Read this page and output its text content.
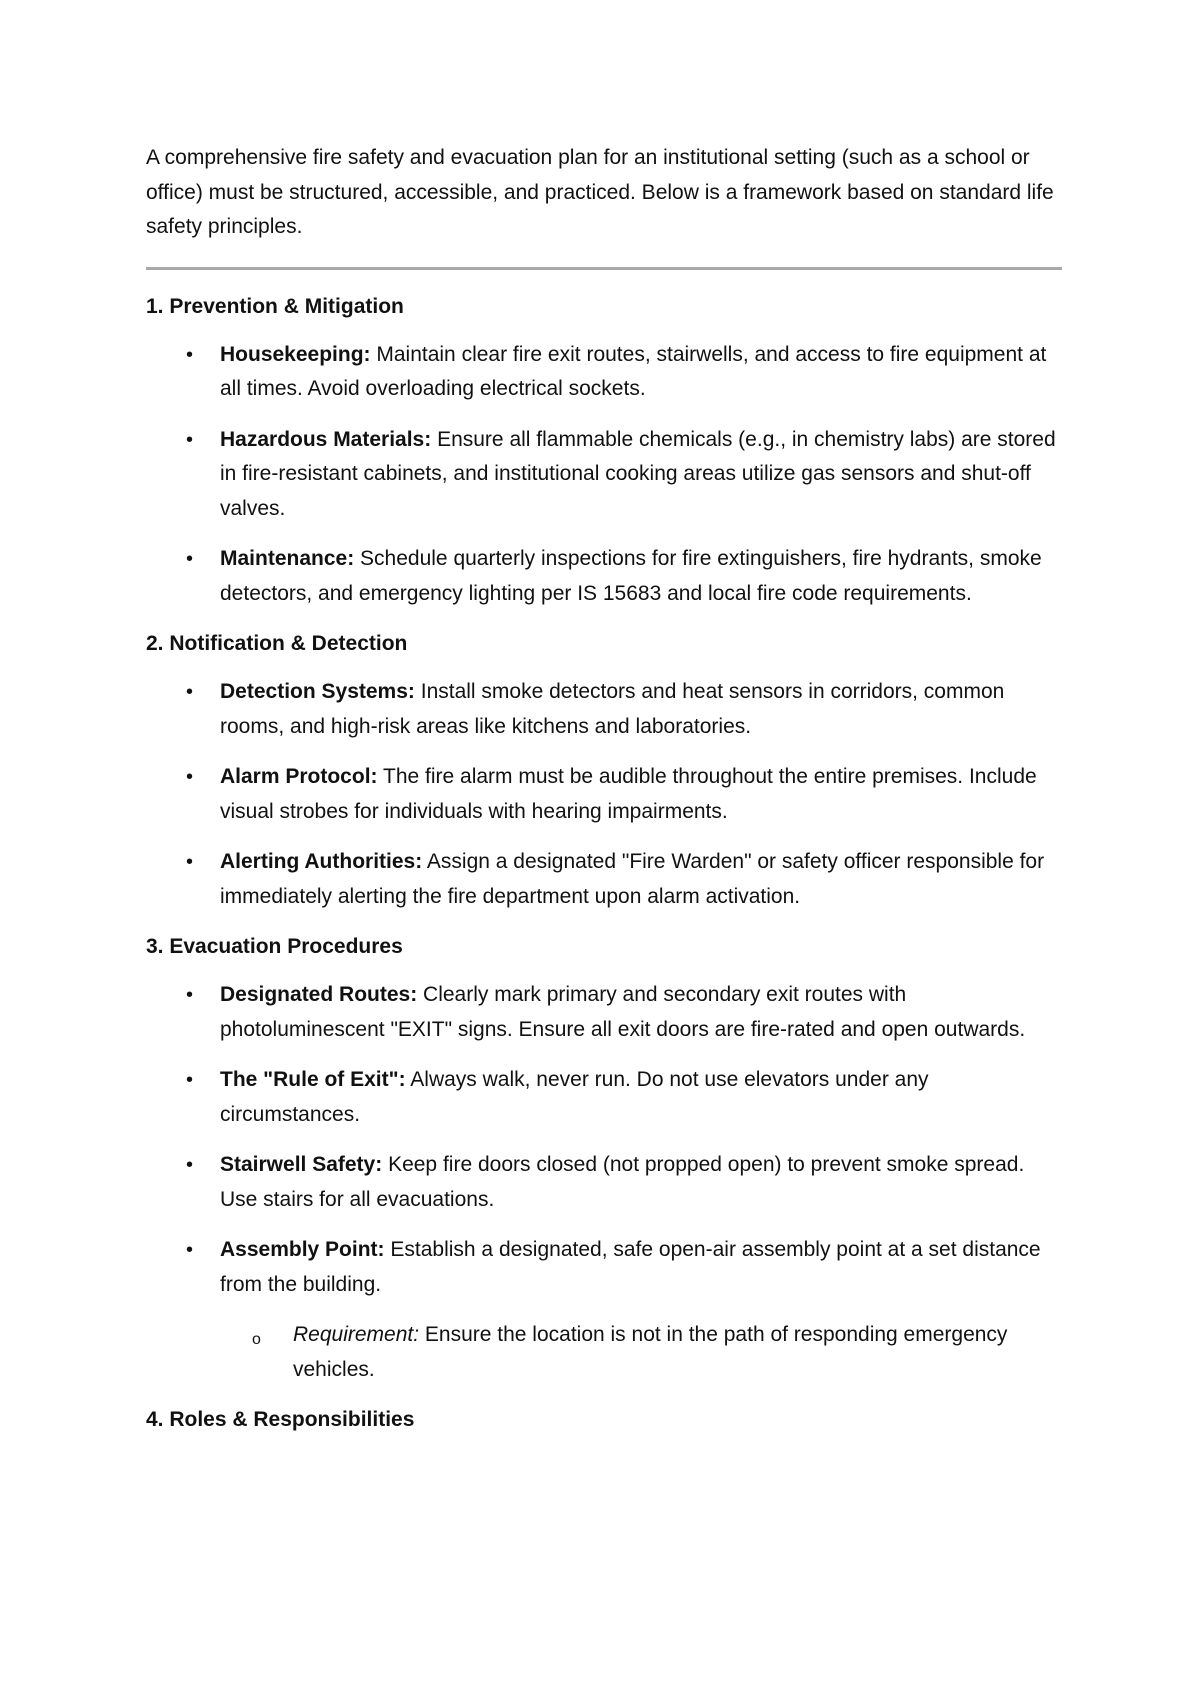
A comprehensive fire safety and evacuation plan for an institutional setting (such as a school or office) must be structured, accessible, and practiced. Below is a framework based on standard life safety principles.

1. Prevention & Mitigation
• Housekeeping: Maintain clear fire exit routes, stairwells, and access to fire equipment at all times. Avoid overloading electrical sockets.
• Hazardous Materials: Ensure all flammable chemicals (e.g., in chemistry labs) are stored in fire-resistant cabinets, and institutional cooking areas utilize gas sensors and shut-off valves.
• Maintenance: Schedule quarterly inspections for fire extinguishers, fire hydrants, smoke detectors, and emergency lighting per IS 15683 and local fire code requirements.
2. Notification & Detection
• Detection Systems: Install smoke detectors and heat sensors in corridors, common rooms, and high-risk areas like kitchens and laboratories.
• Alarm Protocol: The fire alarm must be audible throughout the entire premises. Include visual strobes for individuals with hearing impairments.
• Alerting Authorities: Assign a designated "Fire Warden" or safety officer responsible for immediately alerting the fire department upon alarm activation.
3. Evacuation Procedures
• Designated Routes: Clearly mark primary and secondary exit routes with photoluminescent "EXIT" signs. Ensure all exit doors are fire-rated and open outwards.
• The "Rule of Exit": Always walk, never run. Do not use elevators under any circumstances.
• Stairwell Safety: Keep fire doors closed (not propped open) to prevent smoke spread. Use stairs for all evacuations.
• Assembly Point: Establish a designated, safe open-air assembly point at a set distance from the building.
o Requirement: Ensure the location is not in the path of responding emergency vehicles.
4. Roles & Responsibilities
